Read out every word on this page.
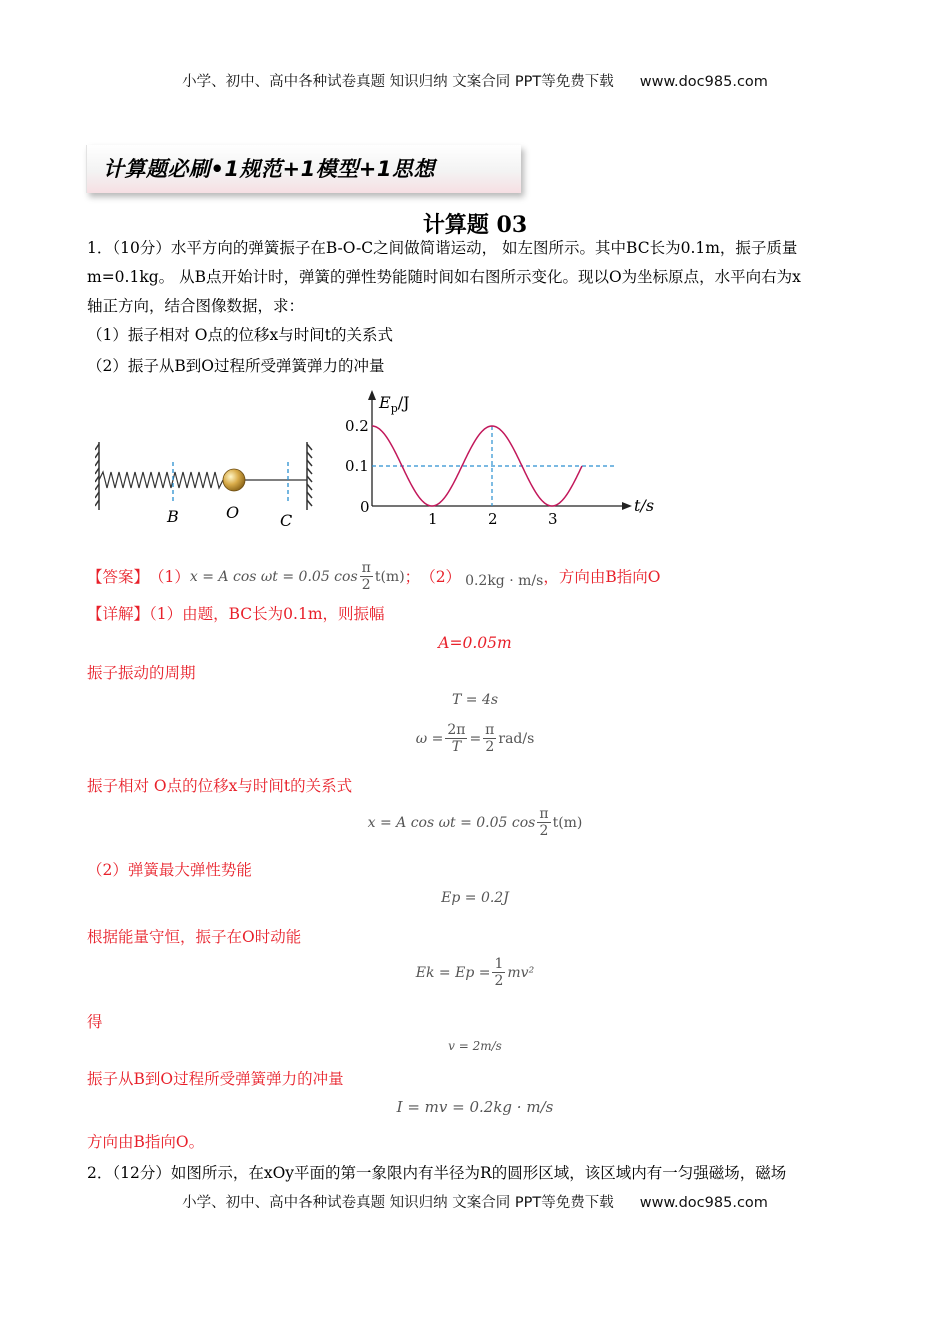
小学、初中、高中各种试卷真题 知识归纳 文案合同 PPT等免费下载 www.doc985.com
计算题必刷•1规范+1模型+1思想
计算题 03
1．（10分）水平方向的弹簧振子在B-O-C之间做简谐运动， 如左图所示。其中BC长为0.1m，振子质量
m=0.1kg。 从B点开始计时，弹簧的弹性势能随时间如右图所示变化。现以O为坐标原点，水平向右为x
轴正方向，结合图像数据，求：
（1）振子相对 O点的位移x与时间t的关系式
（2）振子从B到O过程所受弹簧弹力的冲量
B	O	C
$E_p/J$
t/s
0
1	2	3
0.1
0.2
【答案】 （1） x = A cos ωt = 0.05 $\cos \frac{\pi}{2} t(m)$ ； （2） 0.2kg · m/s ，方向由B指向O
【详解】（1）由题，BC长为0.1m，则振幅
A=0.05m
振子振动的周期
T = 4s
$\omega = \frac{2\pi}{T} = \frac{\pi}{2} rad/s$
振子相对 O点的位移x与时间t的关系式
x = A cos ωt = 0.05 $\cos \frac{\pi}{2} t(m)$
（2）弹簧最大弹性势能
Ep = 0.2J
根据能量守恒，振子在O时动能
$Ek = Ep = \frac{1}{2} mv^2$
得
v = 2m/s
振子从B到O过程所受弹簧弹力的冲量
I = mv = 0.2kg · m/s
方向由B指向O。
2．（12分）如图所示，在xOy平面的第一象限内有半径为R的圆形区域，该区域内有一匀强磁场，磁场
小学、初中、高中各种试卷真题 知识归纳 文案合同 PPT等免费下载 www.doc985.com
